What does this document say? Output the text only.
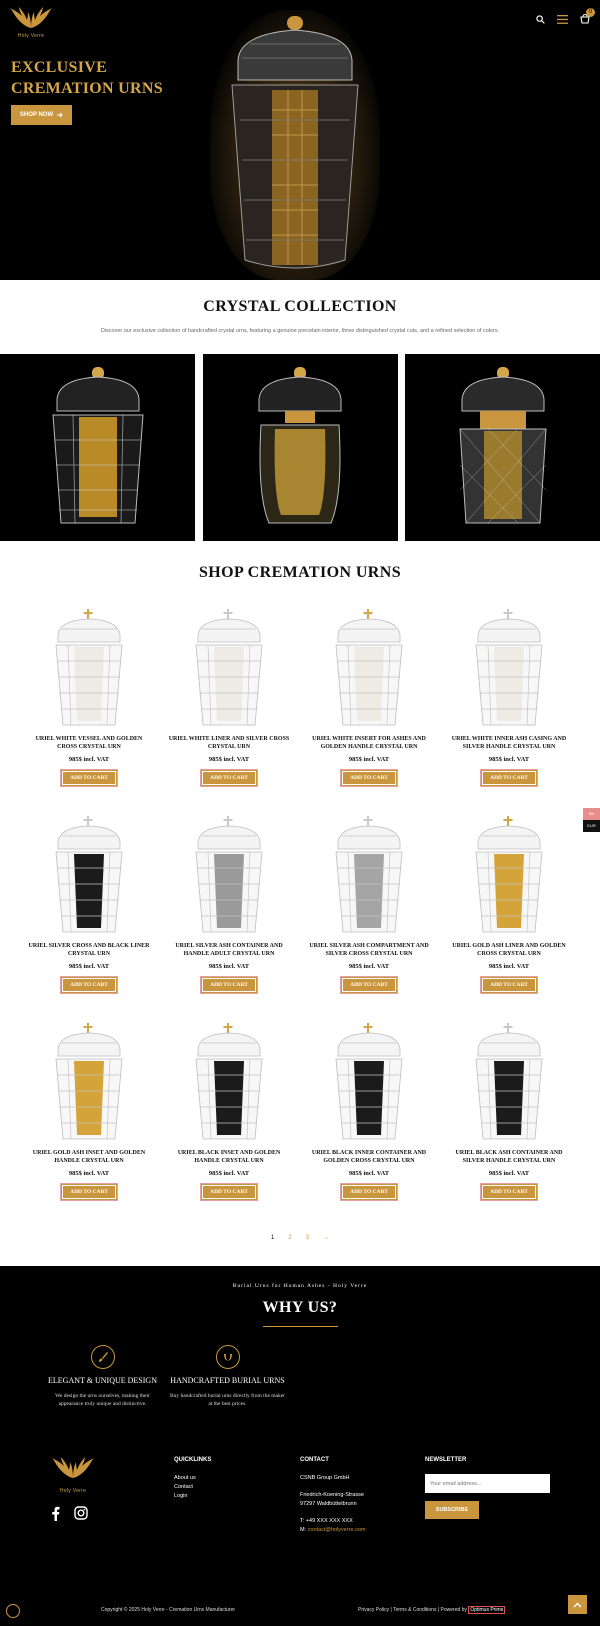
Holy Verre
0
EXCLUSIVE
CREMATION URNS
SHOP NOW
CRYSTAL COLLECTION

Discover our exclusive collection of handcrafted crystal urns, featuring a genuine porcelain interior, three distinguished crystal cuts, and a refined selection of colors.

SHOP CREMATION URNS
URIEL WHITE VESSEL AND GOLDEN CROSS CRYSTAL URN
985$ incl. VAT
ADD TO CART
URIEL WHITE LINER AND SILVER CROSS CRYSTAL URN
985$ incl. VAT
ADD TO CART
URIEL WHITE INSERT FOR ASHES AND GOLDEN HANDLE CRYSTAL URN
985$ incl. VAT
ADD TO CART
URIEL WHITE INNER ASH CASING AND SILVER HANDLE CRYSTAL URN
985$ incl. VAT
ADD TO CART
URIEL SILVER CROSS AND BLACK LINER CRYSTAL URN
985$ incl. VAT
ADD TO CART
URIEL SILVER ASH CONTAINER AND HANDLE ADULT CRYSTAL URN
985$ incl. VAT
ADD TO CART
URIEL SILVER ASH COMPARTMENT AND SILVER CROSS CRYSTAL URN
985$ incl. VAT
ADD TO CART
URIEL GOLD ASH LINER AND GOLDEN CROSS CRYSTAL URN
985$ incl. VAT
ADD TO CART
URIEL GOLD ASH INSET AND GOLDEN HANDLE CRYSTAL URN
985$ incl. VAT
ADD TO CART
URIEL BLACK INSET AND GOLDEN HANDLE CRYSTAL URN
985$ incl. VAT
ADD TO CART
URIEL BLACK INNER CONTAINER AND GOLDEN CROSS CRYSTAL URN
985$ incl. VAT
ADD TO CART
URIEL BLACK ASH CONTAINER AND SILVER HANDLE CRYSTAL URN
985$ incl. VAT
ADD TO CART
1 2 3 →
EN
EUR

Burial Urns for Human Ashes - Holy Verre

WHY US?
ELEGANT & UNIQUE DESIGN

We design the urns ourselves, making their appearance truly unique and distinctive.

HANDCRAFTED BURIAL URNS

Buy handcrafted burial urns directly from the maker at the best prices.

Holy Verre
QUICKLINKS
About us
Contact
Login
CONTACT
CSNB Group GmbH
Friedrich-Koening-Strasse
97297 Waldbüttelbrunn
T: +49 XXX XXX XXX
M: contact@holyverre.com
NEWSLETTER
Your email address... SUBSCRIBE
Copyright © 2025 Holy Verre - Cremation Urns Manufacturer	Privacy Policy | Terms & Conditions | Powered by Optimus Prime
